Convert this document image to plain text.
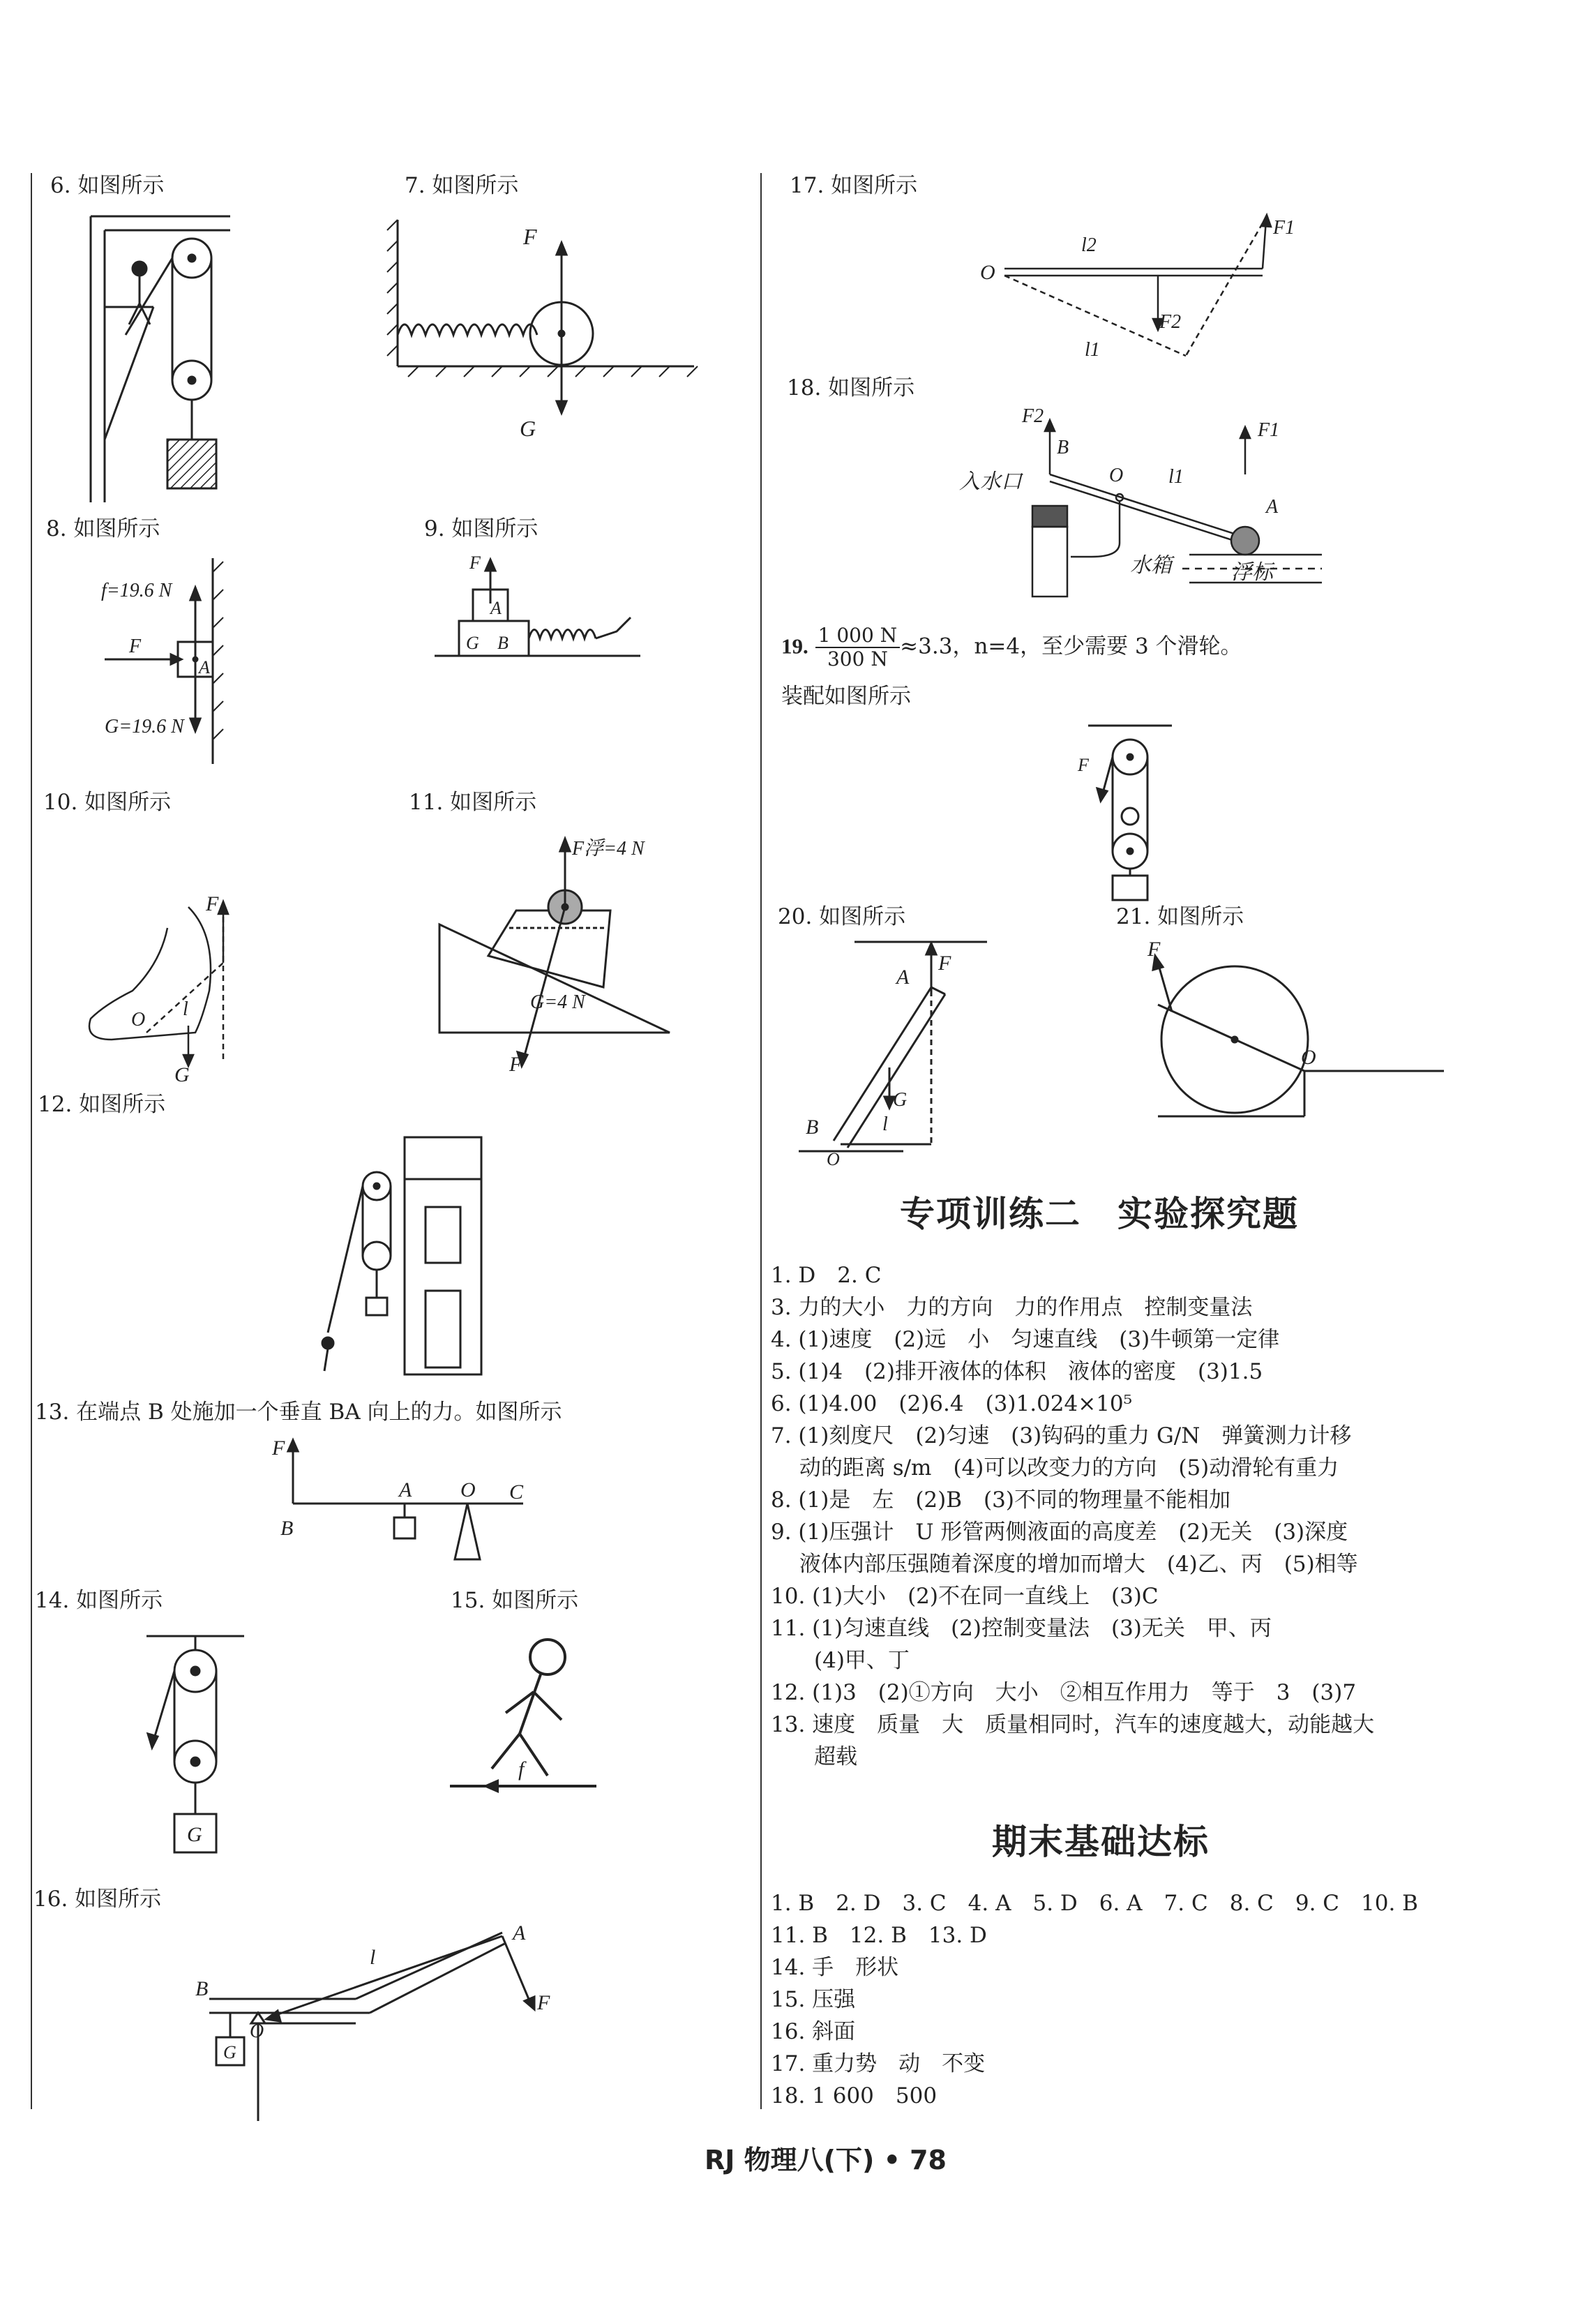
6. 如图所示	7. 如图所示
8. 如图所示	9. 如图所示
10. 如图所示	11. 如图所示
12. 如图所示
13. 在端点 B 处施加一个垂直 BA 向上的力。如图所示
14. 如图所示	15. 如图所示
16. 如图所示
F
G
f=19.6 N
F
A
G=19.6 N
F
A
G B
F
O l
G
F浮=4 N
G=4 N
F
F
B
A O C
G
f
B
O
l
A
F
G
17. 如图所示
18. 如图所示
O
l2
l1
F1
F2
F2
B
O l1
F1
A
入水口
水箱	浮标
19. $\frac{1 000 N}{300 N} \approx 3.3$，n=4，至少需要 3 个滑轮。
装配如图所示
F
20. 如图所示	21. 如图所示
A
F
G
l
B
O
F
O
专项训练二　实验探究题
1. D　2. C
3. 力的大小　力的方向　力的作用点　控制变量法
4. (1)速度　(2)远　小　匀速直线　(3)牛顿第一定律
5. (1)4　(2)排开液体的体积　液体的密度　(3)1.5
6. (1)4.00　(2)6.4　(3)1.024×10⁵
7. (1)刻度尺　(2)匀速　(3)钩码的重力 G/N　弹簧测力计移
　 动的距离 s/m　(4)可以改变力的方向　(5)动滑轮有重力
8. (1)是　左　(2)B　(3)不同的物理量不能相加
9. (1)压强计　U 形管两侧液面的高度差　(2)无关　(3)深度
　 液体内部压强随着深度的增加而增大　(4)乙、丙　(5)相等
10. (1)大小　(2)不在同一直线上　(3)C
11. (1)匀速直线　(2)控制变量法　(3)无关　甲、丙
　　(4)甲、丁
12. (1)3　(2)①方向　大小　②相互作用力　等于　3　(3)7
13. 速度　质量　大　质量相同时，汽车的速度越大，动能越大
　　超载
期末基础达标
1. B　2. D　3. C　4. A　5. D　6. A　7. C　8. C　9. C　10. B
11. B　12. B　13. D
14. 手　形状
15. 压强
16. 斜面
17. 重力势　动　不变
18. 1 600　500
RJ 物理八(下) • 78
